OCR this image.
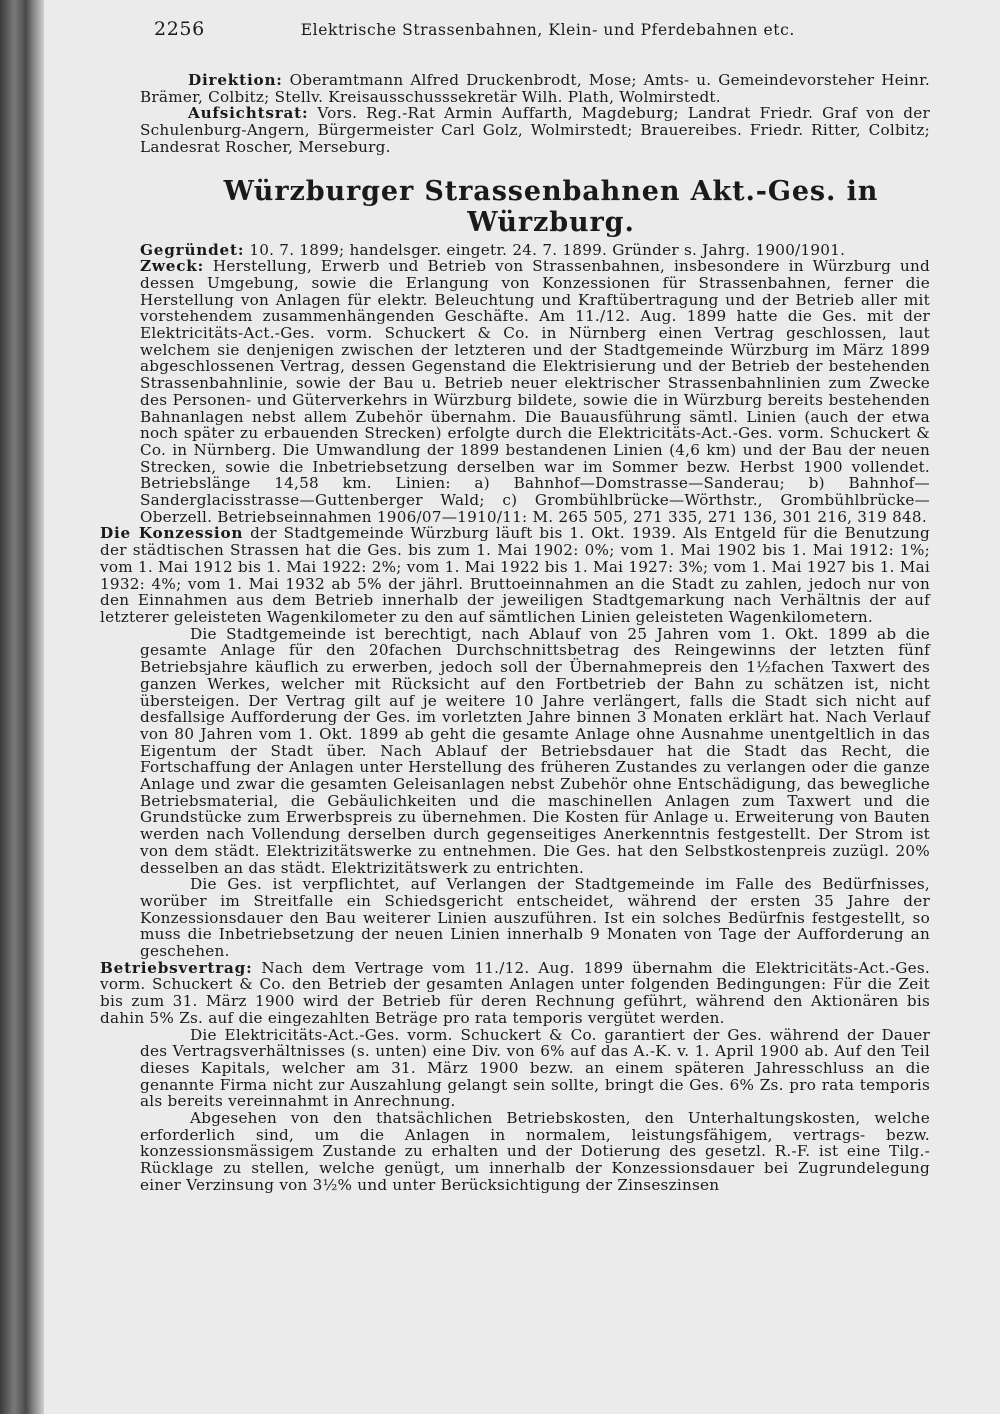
2256	Elektrische Strassenbahnen, Klein- und Pferdebahnen etc.

Direktion: Oberamtmann Alfred Druckenbrodt, Mose; Amts- u. Gemeindevorsteher Heinr. Brämer, Colbitz; Stellv. Kreisausschusssekretär Wilh. Plath, Wolmirstedt.

Aufsichtsrat: Vors. Reg.-Rat Armin Auffarth, Magdeburg; Landrat Friedr. Graf von der Schulenburg-Angern, Bürgermeister Carl Golz, Wolmirstedt; Brauereibes. Friedr. Ritter, Colbitz; Landesrat Roscher, Merseburg.

Würzburger Strassenbahnen Akt.-Ges. in Würzburg.

Gegründet: 10. 7. 1899; handelsger. eingetr. 24. 7. 1899. Gründer s. Jahrg. 1900/1901.

Zweck: Herstellung, Erwerb und Betrieb von Strassenbahnen, insbesondere in Würzburg und dessen Umgebung, sowie die Erlangung von Konzessionen für Strassenbahnen, ferner die Herstellung von Anlagen für elektr. Beleuchtung und Kraftübertragung und der Betrieb aller mit vorstehendem zusammenhängenden Geschäfte. Am 11./12. Aug. 1899 hatte die Ges. mit der Elektricitäts-Act.-Ges. vorm. Schuckert & Co. in Nürnberg einen Vertrag geschlossen, laut welchem sie denjenigen zwischen der letzteren und der Stadtgemeinde Würzburg im März 1899 abgeschlossenen Vertrag, dessen Gegenstand die Elektrisierung und der Betrieb der bestehenden Strassenbahnlinie, sowie der Bau u. Betrieb neuer elektrischer Strassenbahnlinien zum Zwecke des Personen- und Güterverkehrs in Würzburg bildete, sowie die in Würzburg bereits bestehenden Bahnanlagen nebst allem Zubehör übernahm. Die Bauausführung sämtl. Linien (auch der etwa noch später zu erbauenden Strecken) erfolgte durch die Elektricitäts-Act.-Ges. vorm. Schuckert & Co. in Nürnberg. Die Umwandlung der 1899 bestandenen Linien (4,6 km) und der Bau der neuen Strecken, sowie die Inbetriebsetzung derselben war im Sommer bezw. Herbst 1900 vollendet. Betriebslänge 14,58 km. Linien: a) Bahnhof—Domstrasse—Sanderau; b) Bahnhof—Sanderglacisstrasse—Guttenberger Wald; c) Grombühlbrücke—Wörthstr., Grombühlbrücke—Oberzell. Betriebseinnahmen 1906/07—1910/11: M. 265 505, 271 335, 271 136, 301 216, 319 848.

Die Konzession der Stadtgemeinde Würzburg läuft bis 1. Okt. 1939. Als Entgeld für die Benutzung der städtischen Strassen hat die Ges. bis zum 1. Mai 1902: 0%; vom 1. Mai 1902 bis 1. Mai 1912: 1%; vom 1. Mai 1912 bis 1. Mai 1922: 2%; vom 1. Mai 1922 bis 1. Mai 1927: 3%; vom 1. Mai 1927 bis 1. Mai 1932: 4%; vom 1. Mai 1932 ab 5% der jährl. Bruttoeinnahmen an die Stadt zu zahlen, jedoch nur von den Einnahmen aus dem Betrieb innerhalb der jeweiligen Stadtgemarkung nach Verhältnis der auf letzterer geleisteten Wagenkilometer zu den auf sämtlichen Linien geleisteten Wagenkilometern.

Die Stadtgemeinde ist berechtigt, nach Ablauf von 25 Jahren vom 1. Okt. 1899 ab die gesamte Anlage für den 20fachen Durchschnittsbetrag des Reingewinns der letzten fünf Betriebsjahre käuflich zu erwerben, jedoch soll der Übernahmepreis den 1½fachen Taxwert des ganzen Werkes, welcher mit Rücksicht auf den Fortbetrieb der Bahn zu schätzen ist, nicht übersteigen. Der Vertrag gilt auf je weitere 10 Jahre verlängert, falls die Stadt sich nicht auf desfallsige Aufforderung der Ges. im vorletzten Jahre binnen 3 Monaten erklärt hat. Nach Verlauf von 80 Jahren vom 1. Okt. 1899 ab geht die gesamte Anlage ohne Ausnahme unentgeltlich in das Eigentum der Stadt über. Nach Ablauf der Betriebsdauer hat die Stadt das Recht, die Fortschaffung der Anlagen unter Herstellung des früheren Zustandes zu verlangen oder die ganze Anlage und zwar die gesamten Geleisanlagen nebst Zubehör ohne Entschädigung, das bewegliche Betriebsmaterial, die Gebäulichkeiten und die maschinellen Anlagen zum Taxwert und die Grundstücke zum Erwerbspreis zu übernehmen. Die Kosten für Anlage u. Erweiterung von Bauten werden nach Vollendung derselben durch gegenseitiges Anerkenntnis festgestellt. Der Strom ist von dem städt. Elektrizitätswerke zu entnehmen. Die Ges. hat den Selbstkostenpreis zuzügl. 20% desselben an das städt. Elektrizitätswerk zu entrichten.

Die Ges. ist verpflichtet, auf Verlangen der Stadtgemeinde im Falle des Bedürfnisses, worüber im Streitfalle ein Schiedsgericht entscheidet, während der ersten 35 Jahre der Konzessionsdauer den Bau weiterer Linien auszuführen. Ist ein solches Bedürfnis festgestellt, so muss die Inbetriebsetzung der neuen Linien innerhalb 9 Monaten von Tage der Aufforderung an geschehen.

Betriebsvertrag: Nach dem Vertrage vom 11./12. Aug. 1899 übernahm die Elektricitäts-Act.-Ges. vorm. Schuckert & Co. den Betrieb der gesamten Anlagen unter folgenden Bedingungen: Für die Zeit bis zum 31. März 1900 wird der Betrieb für deren Rechnung geführt, während den Aktionären bis dahin 5% Zs. auf die eingezahlten Beträge pro rata temporis vergütet werden.

Die Elektricitäts-Act.-Ges. vorm. Schuckert & Co. garantiert der Ges. während der Dauer des Vertragsverhältnisses (s. unten) eine Div. von 6% auf das A.-K. v. 1. April 1900 ab. Auf den Teil dieses Kapitals, welcher am 31. März 1900 bezw. an einem späteren Jahresschluss an die genannte Firma nicht zur Auszahlung gelangt sein sollte, bringt die Ges. 6% Zs. pro rata temporis als bereits vereinnahmt in Anrechnung.

Abgesehen von den thatsächlichen Betriebskosten, den Unterhaltungskosten, welche erforderlich sind, um die Anlagen in normalem, leistungsfähigem, vertrags- bezw. konzessionsmässigem Zustande zu erhalten und der Dotierung des gesetzl. R.-F. ist eine Tilg.-Rücklage zu stellen, welche genügt, um innerhalb der Konzessionsdauer bei Zugrundelegung einer Verzinsung von 3½% und unter Berücksichtigung der Zinseszinsen
